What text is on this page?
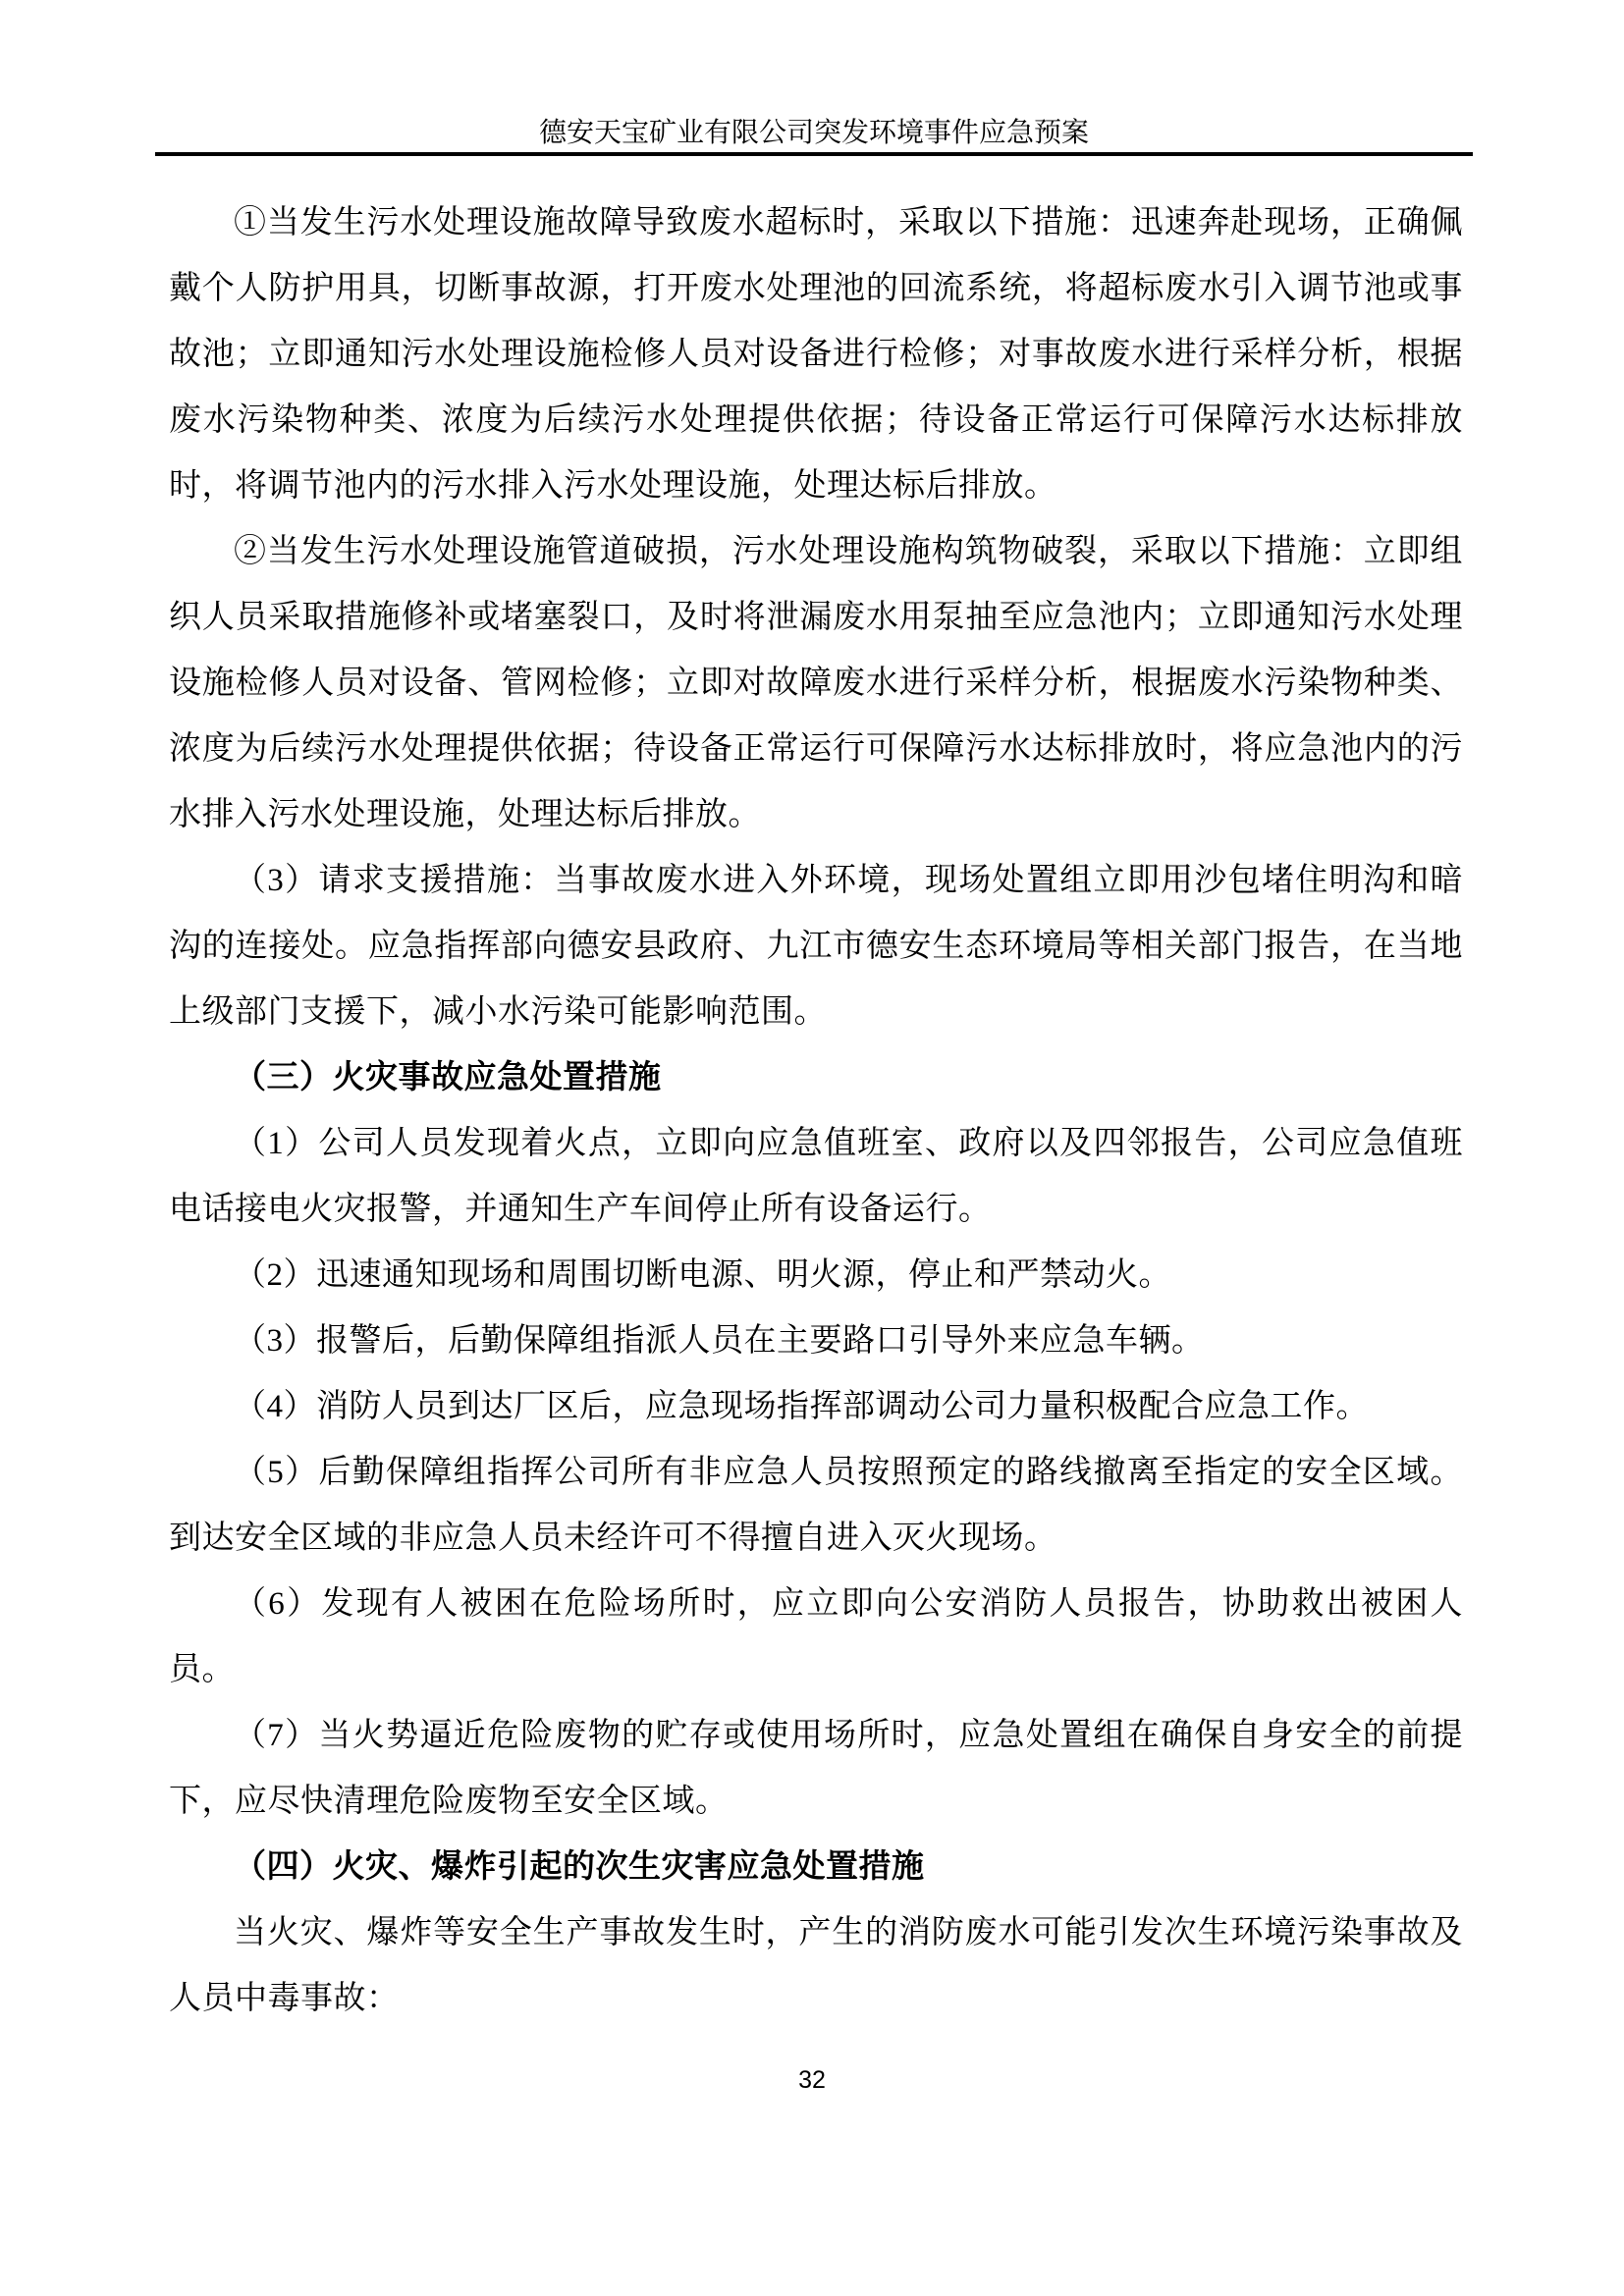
德安天宝矿业有限公司突发环境事件应急预案

①当发生污水处理设施故障导致废水超标时，采取以下措施：迅速奔赴现场，正确佩戴个人防护用具，切断事故源，打开废水处理池的回流系统，将超标废水引入调节池或事故池；立即通知污水处理设施检修人员对设备进行检修；对事故废水进行采样分析，根据废水污染物种类、浓度为后续污水处理提供依据；待设备正常运行可保障污水达标排放时，将调节池内的污水排入污水处理设施，处理达标后排放。

②当发生污水处理设施管道破损，污水处理设施构筑物破裂，采取以下措施：立即组织人员采取措施修补或堵塞裂口，及时将泄漏废水用泵抽至应急池内；立即通知污水处理设施检修人员对设备、管网检修；立即对故障废水进行采样分析，根据废水污染物种类、浓度为后续污水处理提供依据；待设备正常运行可保障污水达标排放时，将应急池内的污水排入污水处理设施，处理达标后排放。

（3）请求支援措施：当事故废水进入外环境，现场处置组立即用沙包堵住明沟和暗沟的连接处。应急指挥部向德安县政府、九江市德安生态环境局等相关部门报告，在当地上级部门支援下，减小水污染可能影响范围。

（三）火灾事故应急处置措施

（1）公司人员发现着火点，立即向应急值班室、政府以及四邻报告，公司应急值班电话接电火灾报警，并通知生产车间停止所有设备运行。

（2）迅速通知现场和周围切断电源、明火源，停止和严禁动火。

（3）报警后，后勤保障组指派人员在主要路口引导外来应急车辆。

（4）消防人员到达厂区后，应急现场指挥部调动公司力量积极配合应急工作。

（5）后勤保障组指挥公司所有非应急人员按照预定的路线撤离至指定的安全区域。到达安全区域的非应急人员未经许可不得擅自进入灭火现场。

（6）发现有人被困在危险场所时，应立即向公安消防人员报告，协助救出被困人员。

（7）当火势逼近危险废物的贮存或使用场所时，应急处置组在确保自身安全的前提下，应尽快清理危险废物至安全区域。

（四）火灾、爆炸引起的次生灾害应急处置措施

当火灾、爆炸等安全生产事故发生时，产生的消防废水可能引发次生环境污染事故及人员中毒事故：

32
